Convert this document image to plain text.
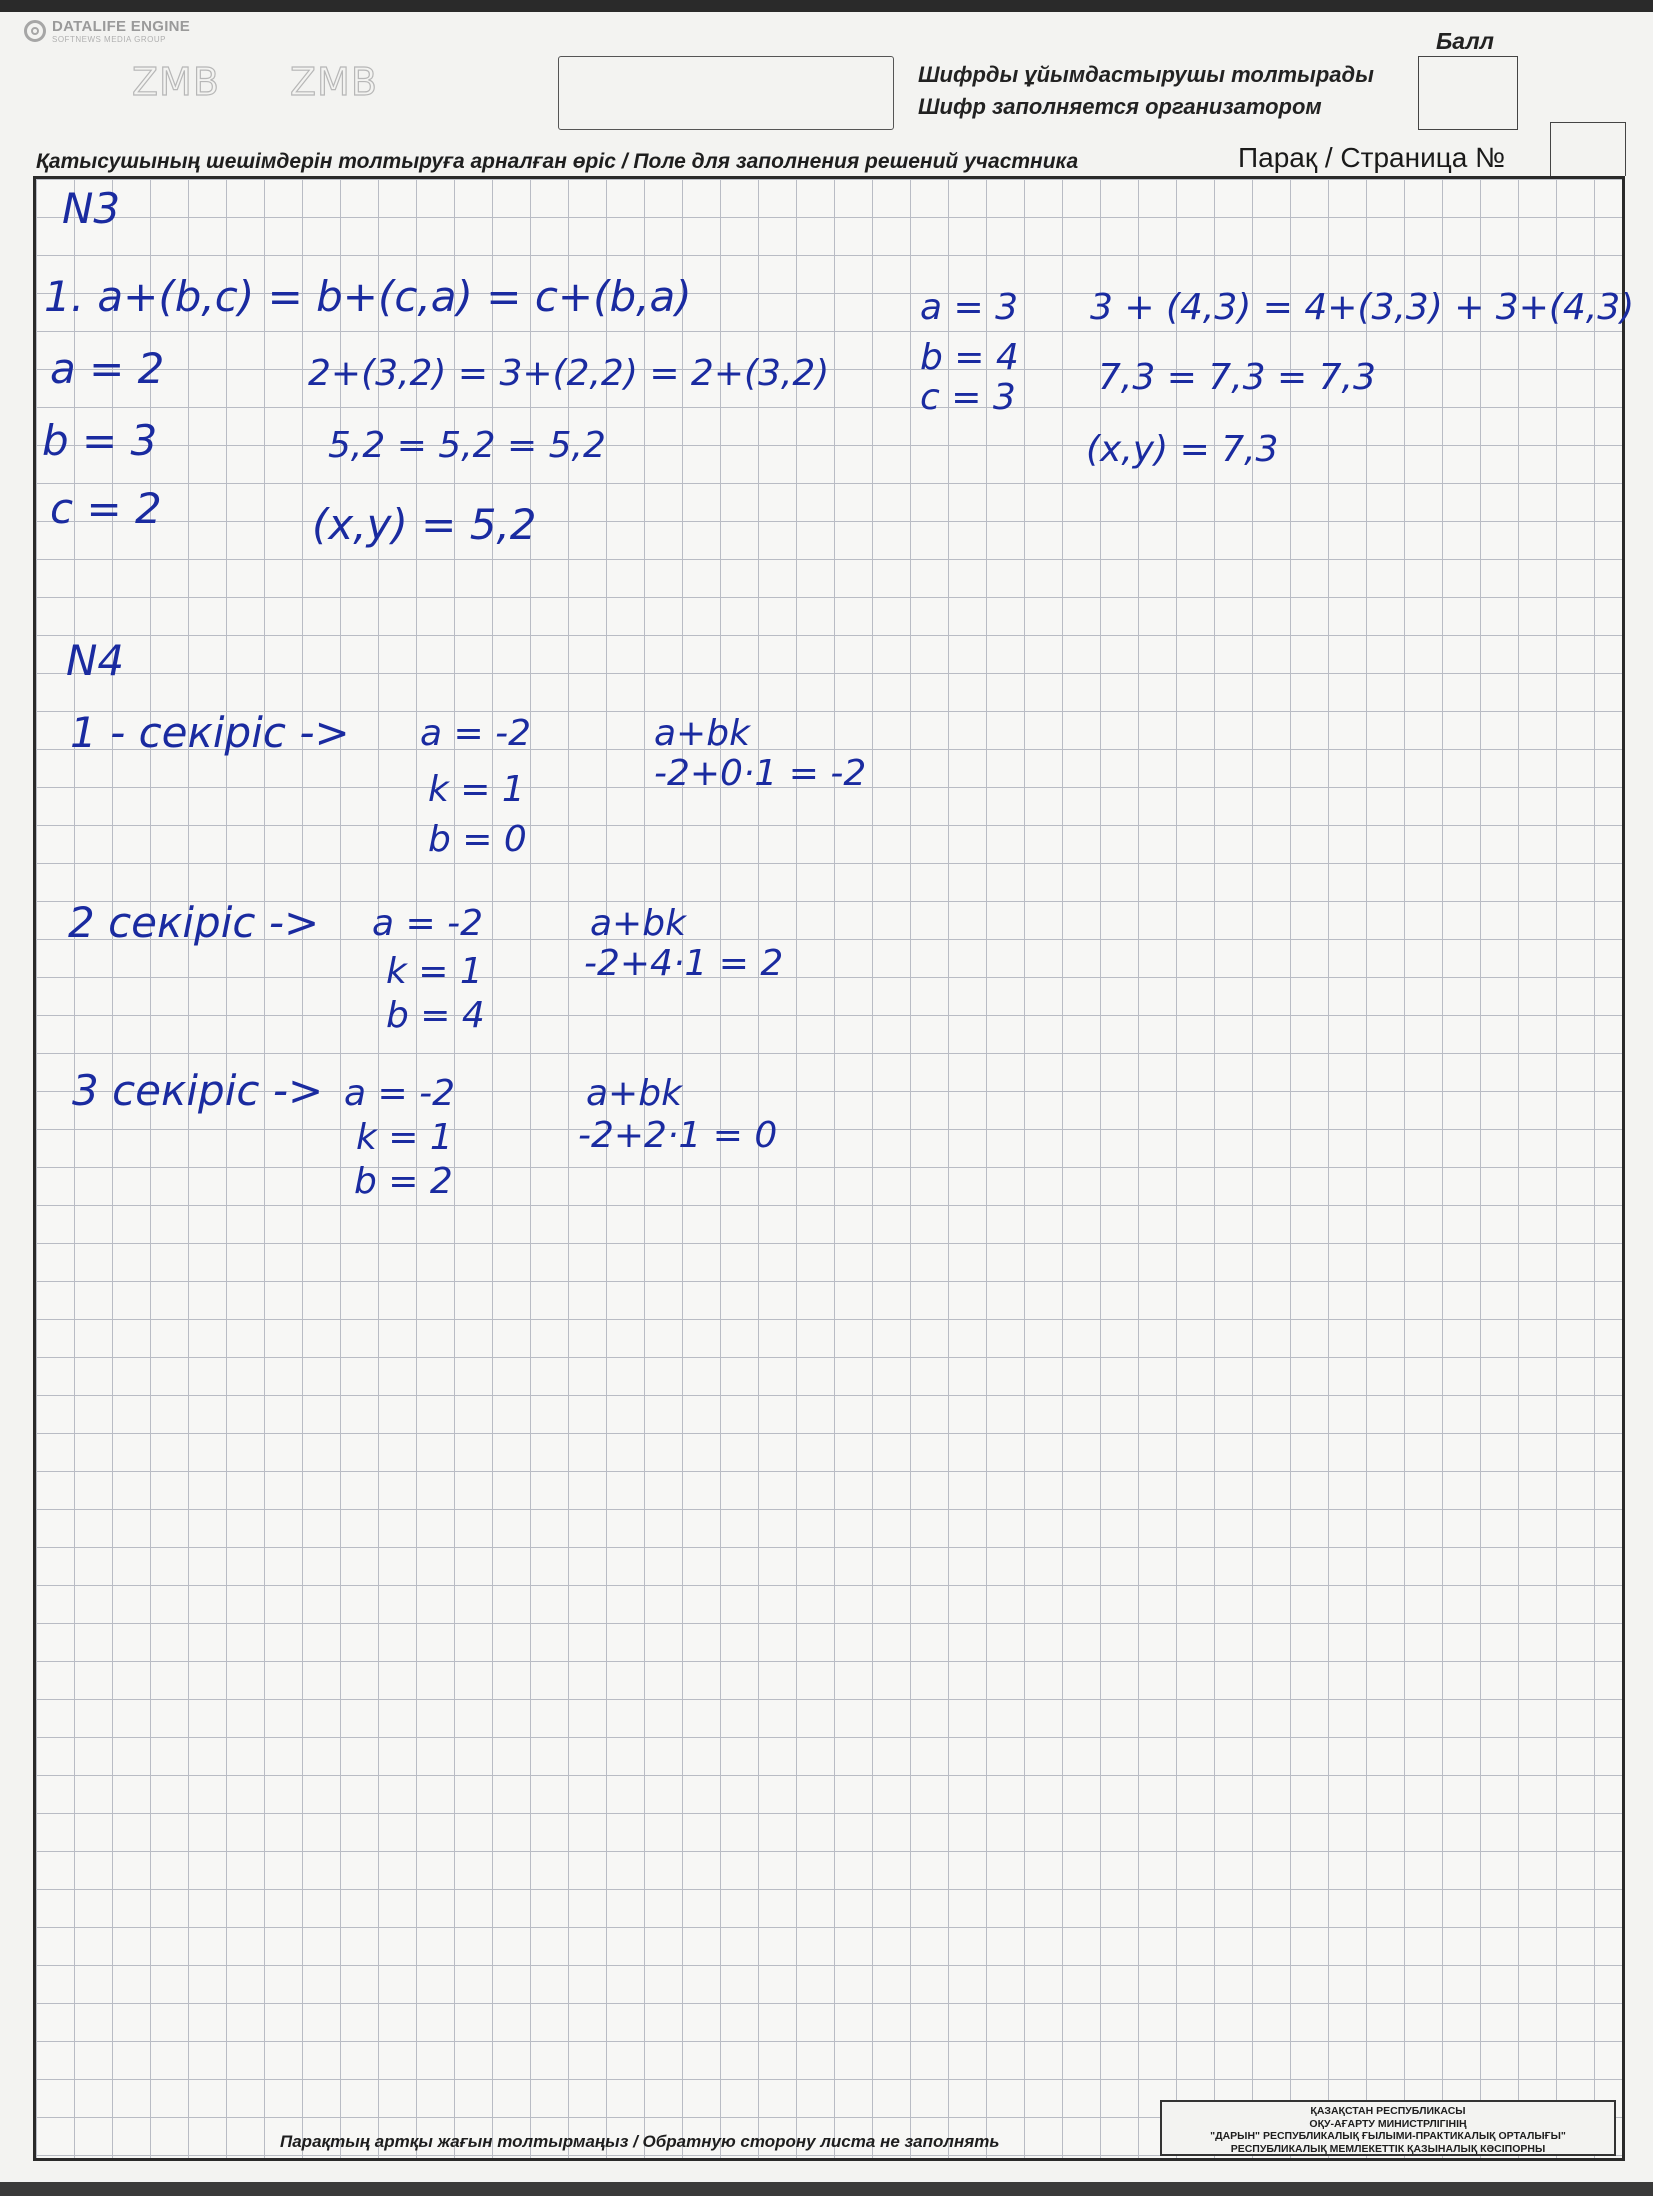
DATALIFE ENGINE
SOFTNEWS MEDIA GROUP
ZMB ZMB	Шифрды ұйымдастырушы толтырады
Шифр заполняется организатором
Балл
Қатысушының шешімдерін толтыруға арналған өріс / Поле для заполнения решений участника	Парақ / Страница №
N3
1. a+(b,c) = b+(c,a) = c+(b,a)
a = 2
b = 3
c = 2
2+(3,2) = 3+(2,2) = 2+(3,2)
5,2 = 5,2 = 5,2
(x,y) = 5,2
a = 3
b = 4
c = 3
3 + (4,3) = 4+(3,3) + 3+(4,3)
7,3 = 7,3 = 7,3
(x,y) = 7,3
N4
1 - секіріс -> a = -2
k = 1
b = 0
a+bk
-2+0·1 = -2
2 секіріс -> a = -2
k = 1
b = 4
a+bk
-2+4·1 = 2
3 секіріс -> a = -2
k = 1
b = 2
a+bk
-2+2·1 = 0
Парақтың артқы жағын толтырмаңыз / Обратную сторону листа не заполнять
ҚАЗАҚСТАН РЕСПУБЛИКАСЫ
ОҚУ-АҒАРТУ МИНИСТРЛІГІНІҢ
"ДАРЫН" РЕСПУБЛИКАЛЫҚ ҒЫЛЫМИ-ПРАКТИКАЛЫҚ ОРТАЛЫҒЫ"
РЕСПУБЛИКАЛЫҚ МЕМЛЕКЕТТІК ҚАЗЫНАЛЫҚ КӘСІПОРНЫ
